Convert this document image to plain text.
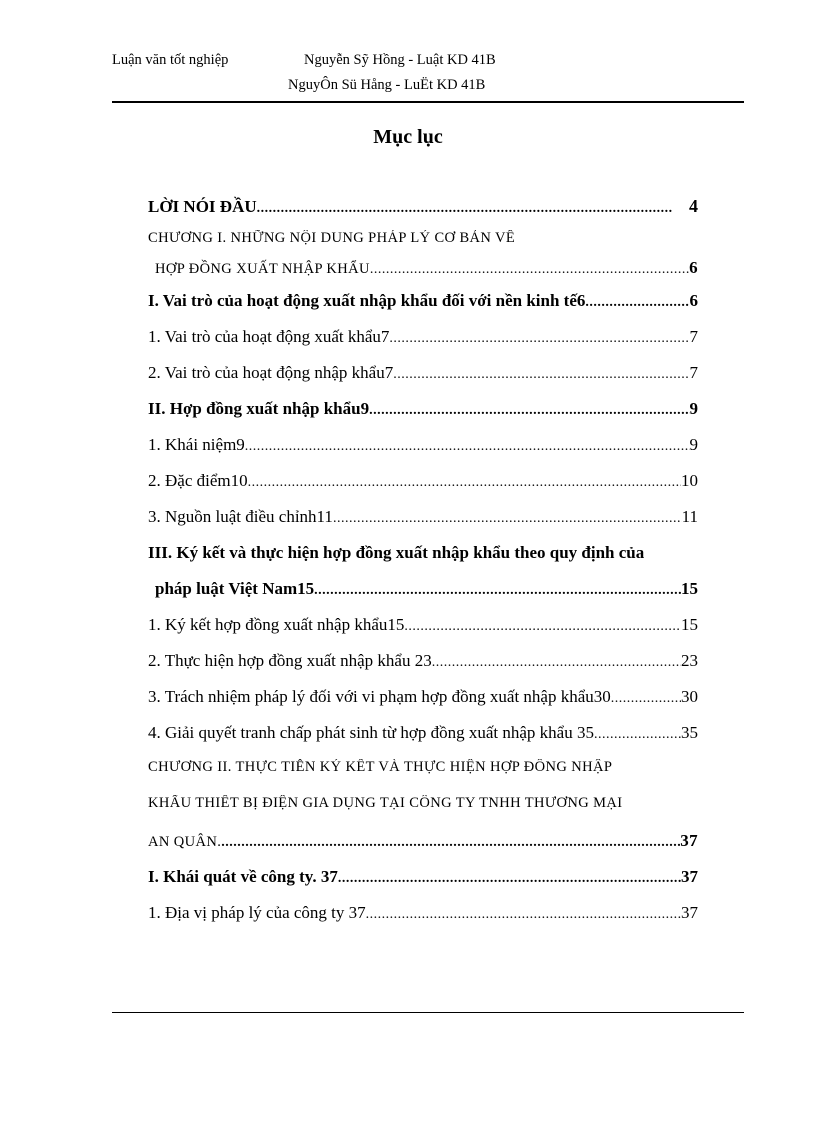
Luận văn tốt nghiệp	Nguyễn Sỹ Hồng - Luật KD 41B
NguyÔn Sü Hång - LuËt KD 41B
Mục lục
LỜI NÓI ĐẦU .....	4
CHƯƠNG I. NHỮNG NỘI DUNG PHÁP LÝ CƠ BẢN VỀ
HỢP ĐỒNG XUẤT NHẬP KHẨU .....	6
I. Vai trò của hoạt động xuất nhập khẩu đối với nền kinh tế6 .....	6
1. Vai trò của hoạt động xuất khẩu7 .....	7
2. Vai trò của hoạt động nhập khẩu7 .....	7
II. Hợp đồng xuất nhập khẩu9 .....	9
1. Khái niệm9 .....	9
2. Đặc điểm10 .....	10
3. Nguồn luật điều chỉnh11 .....	11
III. Ký kết và thực hiện hợp đồng xuất nhập khẩu theo quy định của
pháp luật Việt Nam15 .....	15
1. Ký kết hợp đồng xuất nhập khẩu15 .....	15
2. Thực hiện hợp đồng xuất nhập khẩu 23 .....	23
3. Trách nhiệm pháp lý đối với vi phạm hợp đồng xuất nhập khẩu30 .....	30
4. Giải quyết tranh chấp phát sinh từ hợp đồng xuất nhập khẩu 35 .....	35
CHƯƠNG II. THỰC TIỄN KÝ KẾT VÀ THỰC HIỆN HỢP ĐỒNG NHẬP
KHẨU THIẾT BỊ ĐIỆN GIA DỤNG TẠI CÔNG TY TNHH THƯƠNG MẠI
AN QUÂN. .....	37
I. Khái quát về công ty. 37 .....	37
1. Địa vị pháp lý của công ty 37 .....	37
